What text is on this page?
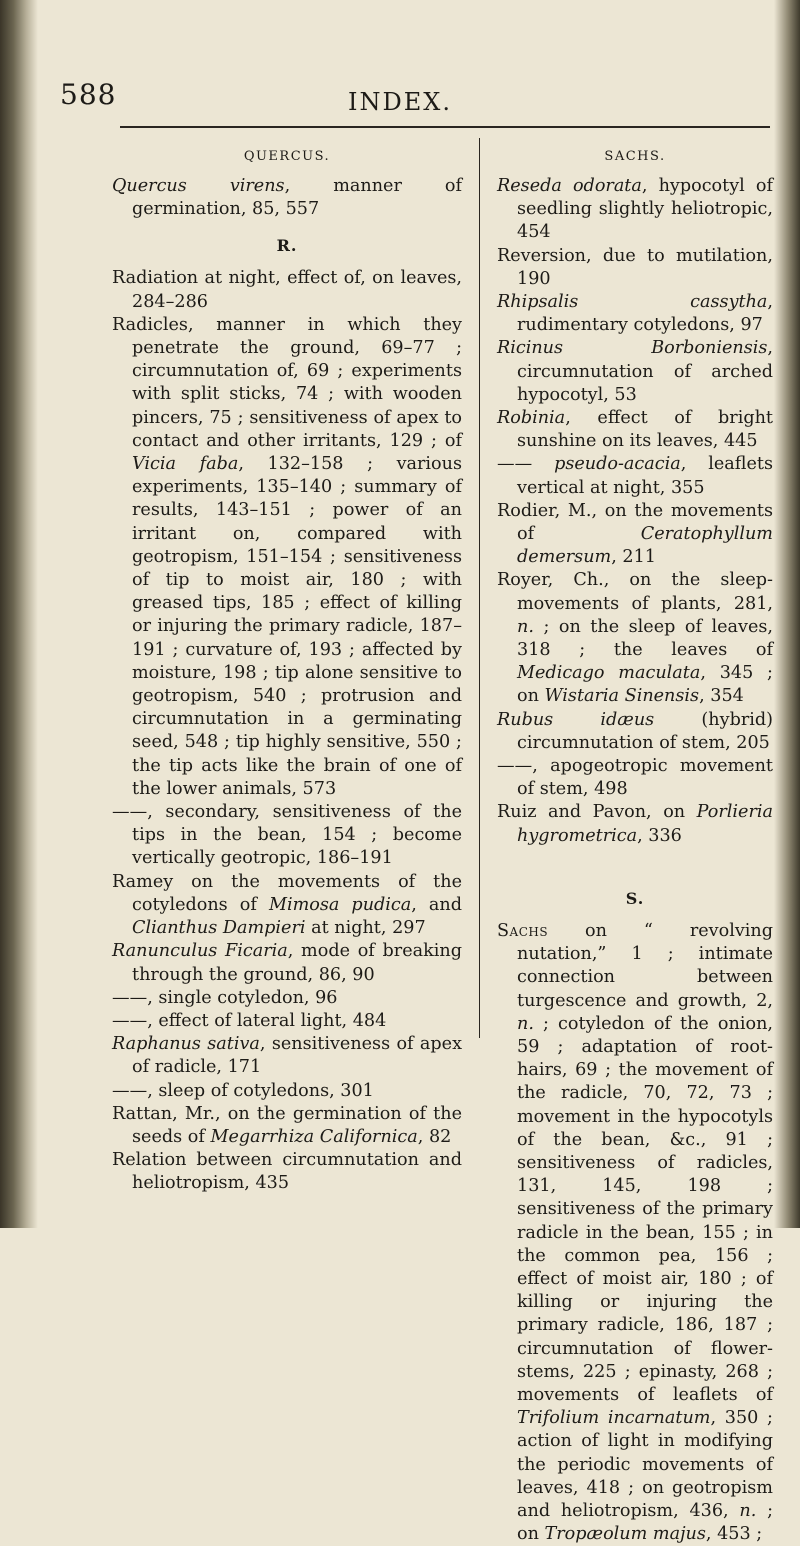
588	INDEX.
QUERCUS.
Quercus virens, manner of germination, 85, 557
R.
Radiation at night, effect of, on leaves, 284–286
Radicles, manner in which they penetrate the ground, 69–77 ; circumnutation of, 69 ; experiments with split sticks, 74 ; with wooden pincers, 75 ; sensitiveness of apex to contact and other irritants, 129 ; of Vicia faba, 132–158 ; various experiments, 135–140 ; summary of results, 143–151 ; power of an irritant on, compared with geotropism, 151–154 ; sensitiveness of tip to moist air, 180 ; with greased tips, 185 ; effect of killing or injuring the primary radicle, 187–191 ; curvature of, 193 ; affected by moisture, 198 ; tip alone sensitive to geotropism, 540 ; protrusion and circumnutation in a germinating seed, 548 ; tip highly sensitive, 550 ; the tip acts like the brain of one of the lower animals, 573
——, secondary, sensitiveness of the tips in the bean, 154 ; become vertically geotropic, 186–191
Ramey on the movements of the cotyledons of Mimosa pudica, and Clianthus Dampieri at night, 297
Ranunculus Ficaria, mode of breaking through the ground, 86, 90
——, single cotyledon, 96
——, effect of lateral light, 484
Raphanus sativa, sensitiveness of apex of radicle, 171
——, sleep of cotyledons, 301
Rattan, Mr., on the germination of the seeds of Megarrhiza Californica, 82
Relation between circumnutation and heliotropism, 435
SACHS.
Reseda odorata, hypocotyl of seedling slightly heliotropic, 454
Reversion, due to mutilation, 190
Rhipsalis cassytha, rudimentary cotyledons, 97
Ricinus Borboniensis, circumnutation of arched hypocotyl, 53
Robinia, effect of bright sunshine on its leaves, 445
—— pseudo-acacia, leaflets vertical at night, 355
Rodier, M., on the movements of Ceratophyllum demersum, 211
Royer, Ch., on the sleep-movements of plants, 281, n. ; on the sleep of leaves, 318 ; the leaves of Medicago maculata, 345 ; on Wistaria Sinensis, 354
Rubus idæus (hybrid) circumnutation of stem, 205
——, apogeotropic movement of stem, 498
Ruiz and Pavon, on Porlieria hygrometrica, 336
S.
Sachs on “ revolving nutation,” 1 ; intimate connection between turgescence and growth, 2, n. ; cotyledon of the onion, 59 ; adaptation of root-hairs, 69 ; the movement of the radicle, 70, 72, 73 ; movement in the hypocotyls of the bean, &c., 91 ; sensitiveness of radicles, 131, 145, 198 ; sensitiveness of the primary radicle in the bean, 155 ; in the common pea, 156 ; effect of moist air, 180 ; of killing or injuring the primary radicle, 186, 187 ; circumnutation of flower-stems, 225 ; epinasty, 268 ; movements of leaflets of Trifolium incarnatum, 350 ; action of light in modifying the periodic movements of leaves, 418 ; on geotropism and heliotropism, 436, n. ; on Tropæolum majus, 453 ;
